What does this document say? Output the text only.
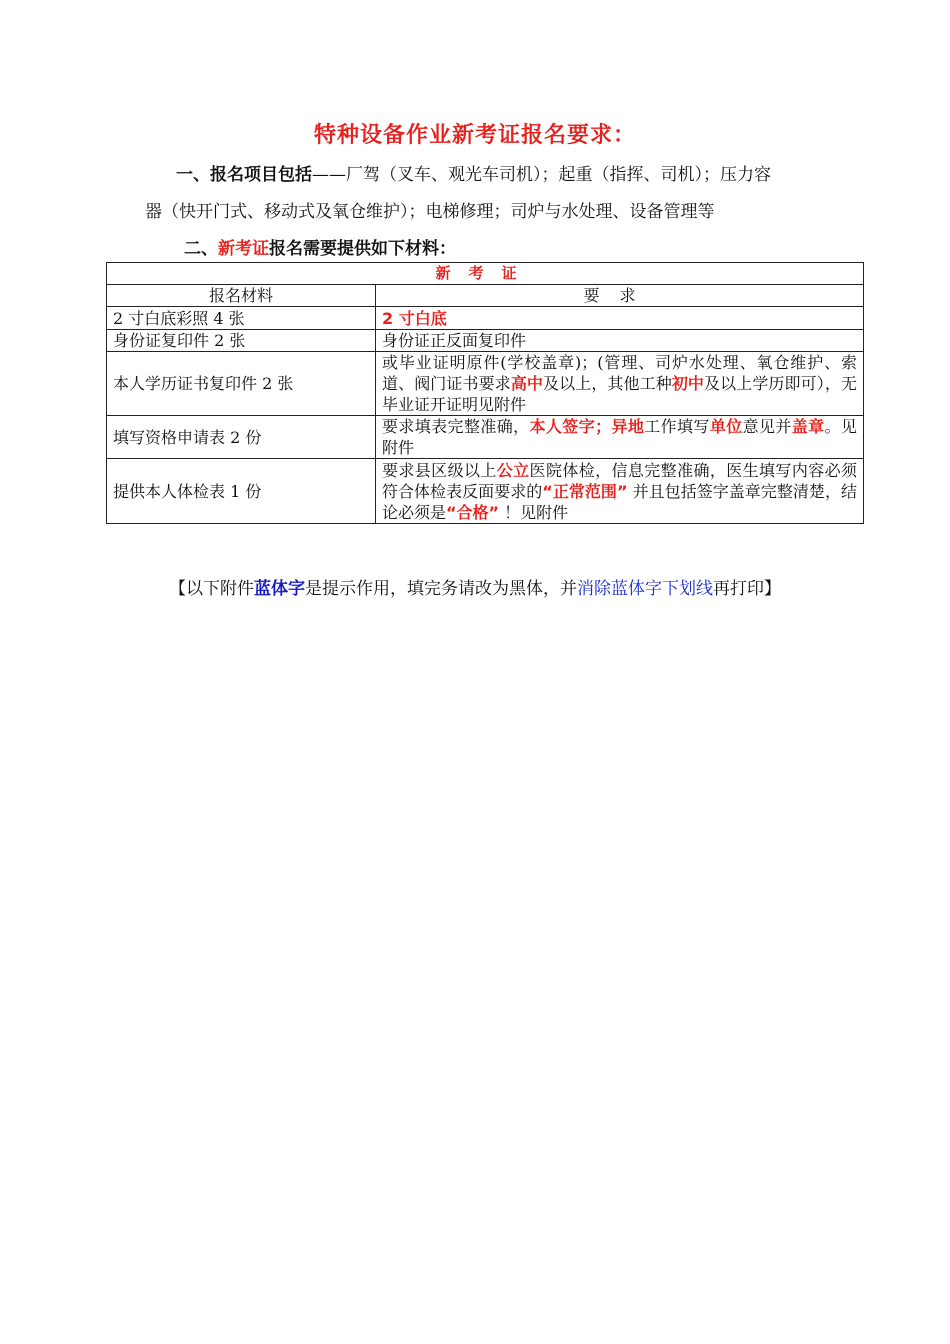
特种设备作业新考证报名要求：
一、报名项目包括——厂驾（叉车、观光车司机）；起重（指挥、司机）；压力容
器（快开门式、移动式及氧仓维护）；电梯修理；司炉与水处理、设备管理等
二、新考证报名需要提供如下材料：
新考证	
报名材料	要求
2 寸白底彩照 4 张	2 寸白底
身份证复印件 2 张	身份证正反面复印件
本人学历证书复印件 2 张	或毕业证明原件(学校盖章)；(管理、司炉水处理、氧仓维护、索道、阀门证书要求高中及以上，其他工种初中及以上学历即可），无毕业证开证明见附件
填写资格申请表 2 份	要求填表完整准确，本人签字；异地工作填写单位意见并盖章。见附件
提供本人体检表 1 份	要求县区级以上公立医院体检，信息完整准确，医生填写内容必须符合体检表反面要求的“正常范围” 并且包括签字盖章完整清楚，结论必须是“合格” ！见附件
【以下附件蓝体字是提示作用，填完务请改为黑体，并消除蓝体字下划线再打印】
